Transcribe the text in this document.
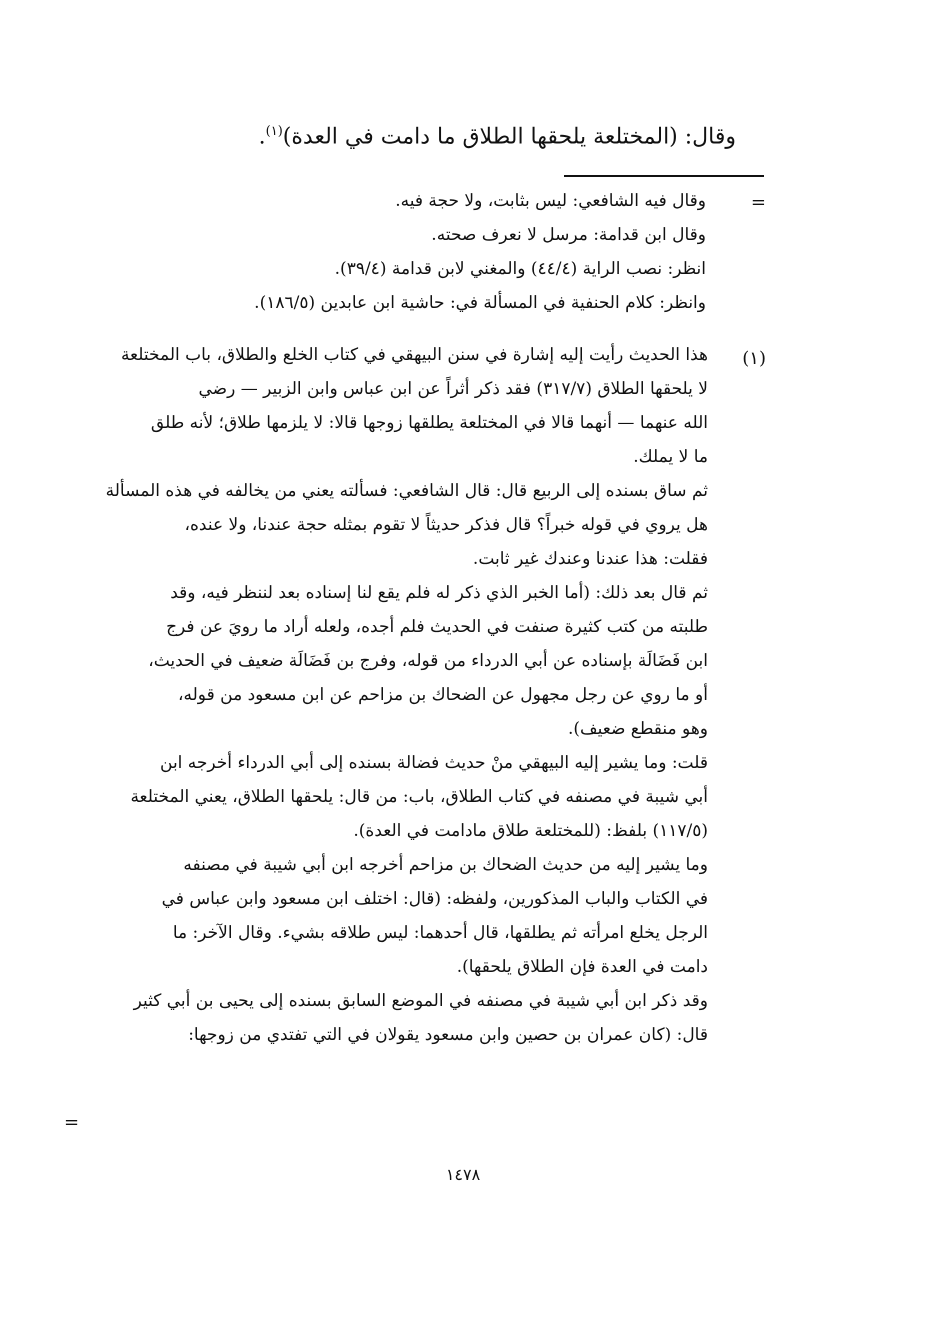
وقال: (المختلعة يلحقها الطلاق ما دامت في العدة)$^{(١)}$.

=
وقال فيه الشافعي: ليس بثابت، ولا حجة فيه.
وقال ابن قدامة: مرسل لا نعرف صحته.
انظر: نصب الراية (٤٤/٤) والمغني لابن قدامة (٣٩/٤).
وانظر: كلام الحنفية في المسألة في: حاشية ابن عابدين (١٨٦/٥).
(١)
هذا الحديث رأيت إليه إشارة في سنن البيهقي في كتاب الخلع والطلاق، باب المختلعة
لا يلحقها الطلاق (٣١٧/٧) فقد ذكر أثراً عن ابن عباس وابن الزبير — رضي
الله عنهما — أنهما قالا في المختلعة يطلقها زوجها قالا: لا يلزمها طلاق؛ لأنه طلق
ما لا يملك.
ثم ساق بسنده إلى الربيع قال: قال الشافعي: فسألته يعني من يخالفه في هذه المسألة
هل يروي في قوله خبراً؟ قال فذكر حديثاً لا تقوم بمثله حجة عندنا، ولا عنده،
فقلت: هذا عندنا وعندك غير ثابت.
ثم قال بعد ذلك: (أما الخبر الذي ذكر له فلم يقع لنا إسناده بعد لننظر فيه، وقد
طلبته من كتب كثيرة صنفت في الحديث فلم أجده، ولعله أراد ما رويَ عن فرج
ابن فَضَالَة بإسناده عن أبي الدرداء من قوله، وفرج بن فَضَالَة ضعيف في الحديث،
أو ما روي عن رجل مجهول عن الضحاك بن مزاحم عن ابن مسعود من قوله،
وهو منقطع ضعيف).
قلت: وما يشير إليه البيهقي منْ حديث فضالة بسنده إلى أبي الدرداء أخرجه ابن
أبي شيبة في مصنفه في كتاب الطلاق، باب: من قال: يلحقها الطلاق، يعني المختلعة
(١١٧/٥) بلفظ: (للمختلعة طلاق مادامت في العدة).
وما يشير إليه من حديث الضحاك بن مزاحم أخرجه ابن أبي شيبة في مصنفه
في الكتاب والباب المذكورين، ولفظه: (قال: اختلف ابن مسعود وابن عباس في
الرجل يخلع امرأته ثم يطلقها، قال أحدهما: ليس طلاقه بشيء. وقال الآخر: ما
دامت في العدة فإن الطلاق يلحقها).
وقد ذكر ابن أبي شيبة في مصنفه في الموضع السابق بسنده إلى يحيى بن أبي كثير
قال: (كان عمران بن حصين وابن مسعود يقولان في التي تفتدي من زوجها:
=
١٤٧٨
